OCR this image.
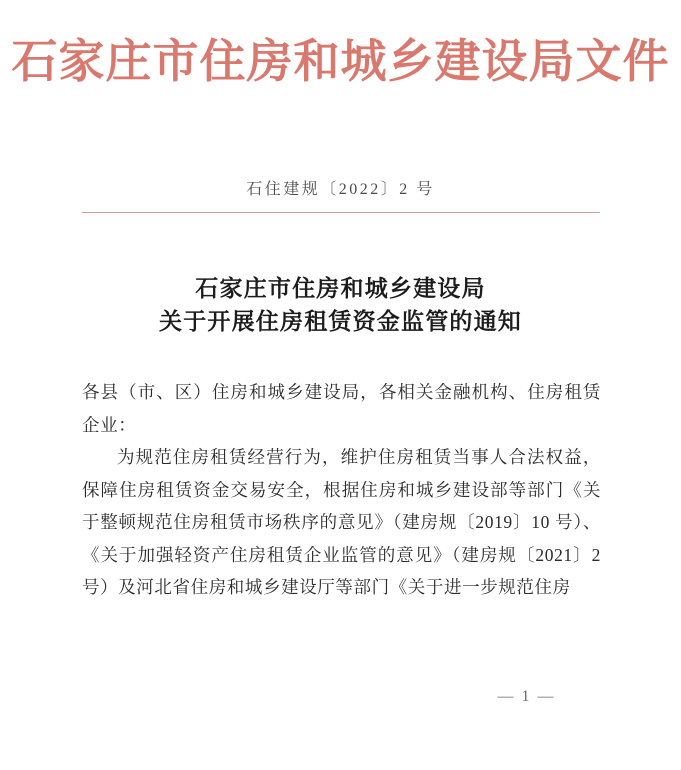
石家庄市住房和城乡建设局文件
石住建规〔2022〕2 号
石家庄市住房和城乡建设局
关于开展住房租赁资金监管的通知

各县（市、区）住房和城乡建设局，各相关金融机构、住房租赁企业：

为规范住房租赁经营行为，维护住房租赁当事人合法权益，保障住房租赁资金交易安全，根据住房和城乡建设部等部门《关于整顿规范住房租赁市场秩序的意见》（建房规〔2019〕10 号）、《关于加强轻资产住房租赁企业监管的意见》（建房规〔2021〕2 号）及河北省住房和城乡建设厅等部门《关于进一步规范住房

— 1 —
